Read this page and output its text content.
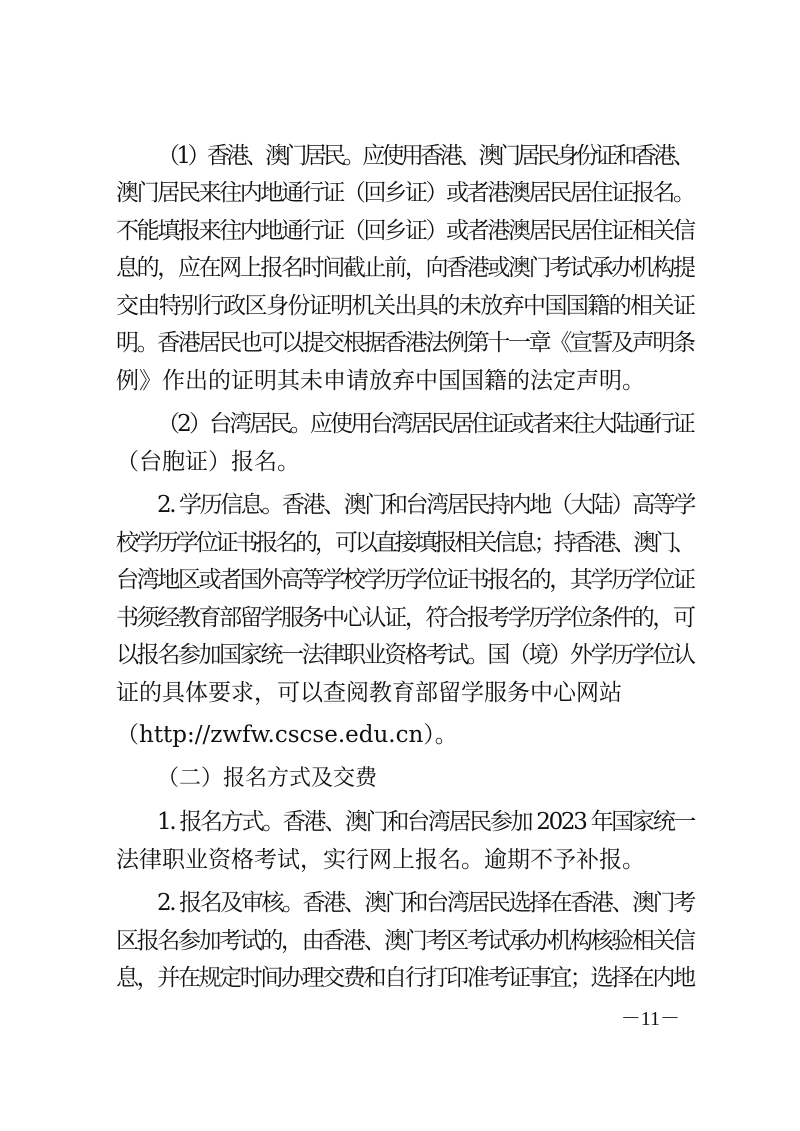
（1）香港、澳门居民。应使用香港、澳门居民身份证和香港、
澳门居民来往内地通行证（回乡证）或者港澳居民居住证报名。
不能填报来往内地通行证（回乡证）或者港澳居民居住证相关信
息的，应在网上报名时间截止前，向香港或澳门考试承办机构提
交由特别行政区身份证明机关出具的未放弃中国国籍的相关证
明。香港居民也可以提交根据香港法例第十一章《宣誓及声明条
例》作出的证明其未申请放弃中国国籍的法定声明。
（2）台湾居民。应使用台湾居民居住证或者来往大陆通行证
（台胞证）报名。
2. 学历信息。香港、澳门和台湾居民持内地（大陆）高等学
校学历学位证书报名的，可以直接填报相关信息；持香港、澳门、
台湾地区或者国外高等学校学历学位证书报名的，其学历学位证
书须经教育部留学服务中心认证，符合报考学历学位条件的，可
以报名参加国家统一法律职业资格考试。国（境）外学历学位认
证的具体要求，可以查阅教育部留学服务中心网站
（http://zwfw.cscse.edu.cn）。
（二）报名方式及交费
1. 报名方式。香港、澳门和台湾居民参加 2023 年国家统一
法律职业资格考试，实行网上报名。逾期不予补报。
2. 报名及审核。香港、澳门和台湾居民选择在香港、澳门考
区报名参加考试的，由香港、澳门考区考试承办机构核验相关信
息，并在规定时间办理交费和自行打印准考证事宜；选择在内地
－11－
